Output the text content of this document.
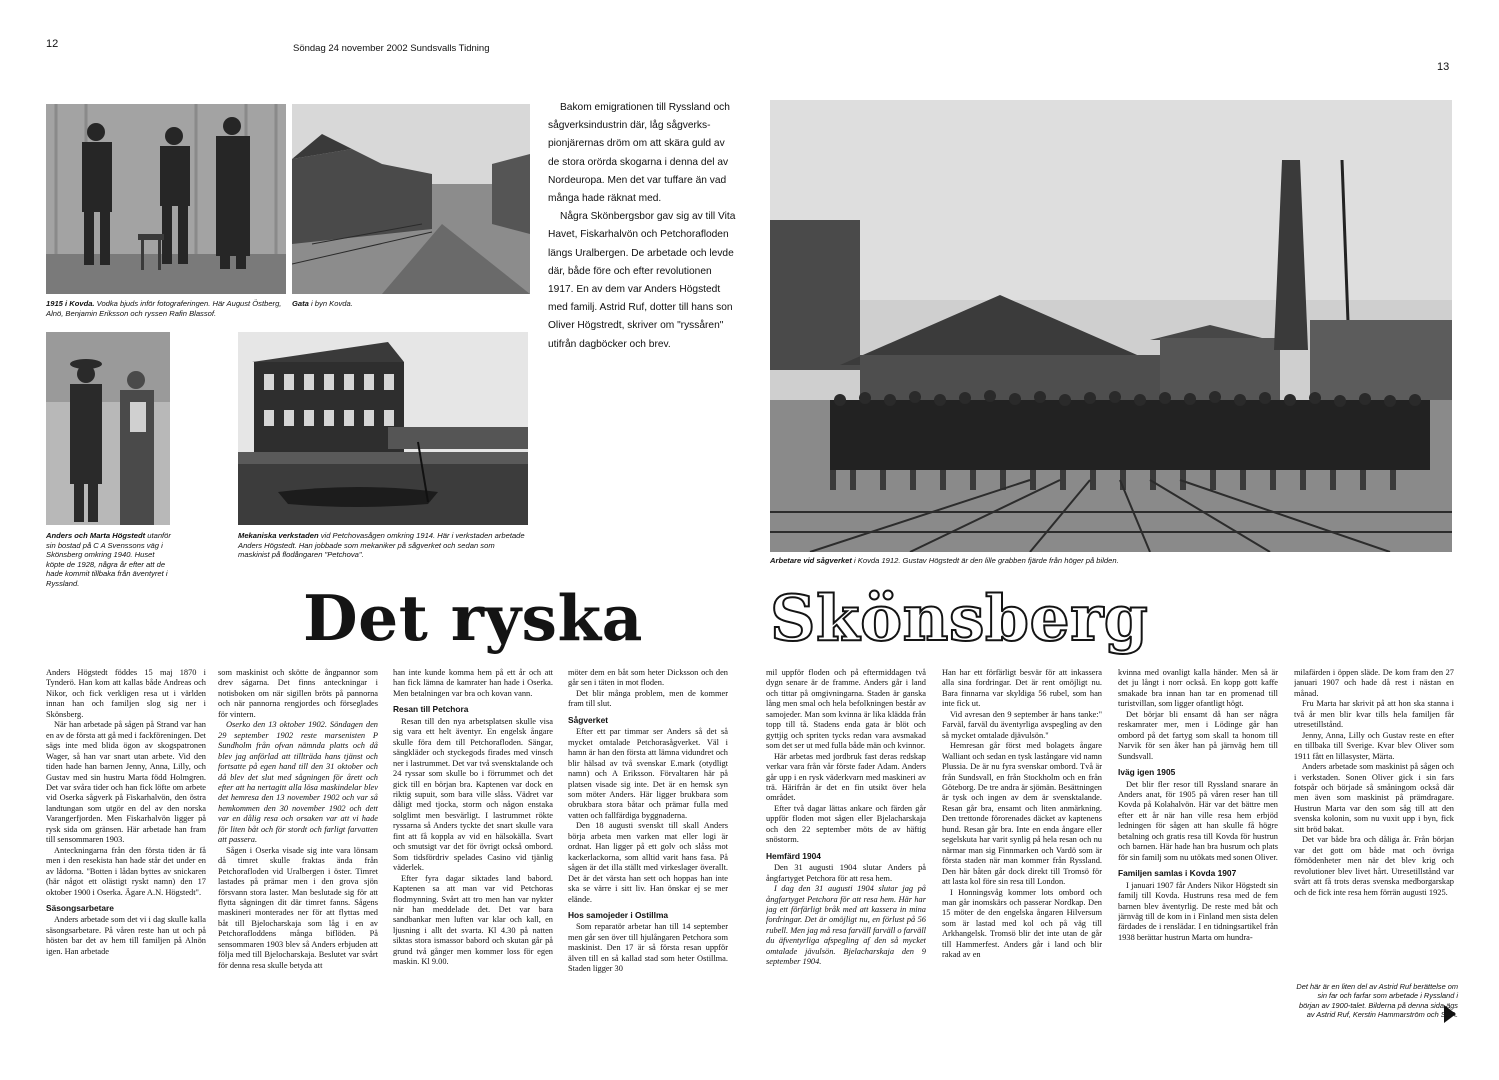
12	Söndag 24 november 2002 Sundsvalls Tidning
13
1915 i Kovda. Vodka bjuds inför fotograferingen. Här August Östberg, Alnö, Benjamin Eriksson och ryssen Rafin Blassof.
Gata i byn Kovda.
Anders och Marta Högstedt utanför sin bostad på C A Svenssons väg i Skönsberg omkring 1940. Huset köpte de 1928, några år efter att de hade kommit tillbaka från äventyret i Ryssland.
Mekaniska verkstaden vid Petchovasågen omkring 1914. Här i verkstaden arbetade Anders Högstedt. Han jobbade som mekaniker på sågverket och sedan som maskinist på flodångaren "Petchova".

Bakom emigrationen till Ryssland och

sågverksindustrin där, låg sågverks-

pionjärernas dröm om att skära guld av

de stora orörda skogarna i denna del av

Nordeuropa. Men det var tuffare än vad

många hade räknat med.

Några Skönbergsbor gav sig av till Vita

Havet, Fiskarhalvön och Petchorafloden

längs Uralbergen. De arbetade och levde

där, både före och efter revolutionen

1917. En av dem var Anders Högstedt

med familj. Astrid Ruf, dotter till hans son

Oliver Högstredt, skriver om "ryssåren"

utifrån dagböcker och brev.

Arbetare vid sågverket i Kovda 1912. Gustav Högstedt är den lille grabben fjärde från höger på bilden.
Det ryska Skönsberg

Anders Högstedt föddes 15 maj 1870 i Tynderö. Han kom att kallas både Andreas och Nikor, och fick verkligen resa ut i världen innan han och familjen slog sig ner i Skönsberg.

När han arbetade på sågen på Strand var han en av de första att gå med i fackföreningen. Det sägs inte med blida ögon av skogspatronen Wager, så han var snart utan arbete. Vid den tiden hade han barnen Jenny, Anna, Lilly, och Gustav med sin hustru Marta född Holmgren. Det var svåra tider och han fick löfte om arbete vid Oserka sågverk på Fiskarhalvön, den östra landtungan som utgör en del av den norska Varangerfjorden. Men Fiskarhalvön ligger på rysk sida om gränsen. Här arbetade han fram till sensommaren 1903.

Anteckningarna från den första tiden är få men i den resekista han hade står det under en av lådorna. "Botten i lådan byttes av snickaren (här något ett olästigt ryskt namn) den 17 oktober 1900 i Oserka. Ägare A.N. Högstedt".

Säsongsarbetare

Anders arbetade som det vi i dag skulle kalla säsongsarbetare. På våren reste han ut och på hösten bar det av hem till familjen på Alnön igen. Han arbetade

som maskinist och skötte de ångpannor som drev ságarna. Det finns anteckningar i notisboken om när sigillen bröts på pannorna och när pannorna rengjordes och förseglades för vintern.

Oserko den 13 oktober 1902. Söndagen den 29 september 1902 reste marsenisten P Sundholm från ofvan nämnda platts och då blev jag anförlad att tillträda hans tjänst och fortsatte på egen hand till den 31 oktober och då blev det slut med sågningen för årett och efter att ha nertagitt alla lösa maskindelar blev det hemresa den 13 november 1902 och var så hemkommen den 30 november 1902 och dett var en dålig resa och orsaken var att vi hade för liten båt och för stordt och farligt farvatten att passera.

Sågen i Oserka visade sig inte vara lönsam då timret skulle fraktas ända från Petchorafloden vid Uralbergen i öster. Timret lastades på prämar men i den grova sjön försvann stora laster. Man beslutade sig för att flytta sågningen dit där timret fanns. Sågens maskineri monterades ner för att flyttas med båt till Bjelocharskaja som låg i en av Petchorafloddens många biflöden. På sensommaren 1903 blev så Anders erbjuden att följa med till Bjelocharskaja. Beslutet var svårt för denna resa skulle betyda att

han inte kunde komma hem på ett år och att han fick lämna de kamrater han hade i Oserka. Men betalningen var bra och kovan vann.

Resan till Petchora

Resan till den nya arbetsplatsen skulle visa sig vara ett helt äventyr. En engelsk ångare skulle föra dem till Petchorafloden. Sängar, sängkläder och styckegods firades med vinsch ner i lastrummet. Det var två svensktalande och 24 ryssar som skulle bo i förrummet och det gick till en början bra. Kaptenen var dock en riktig supuit, som bara ville slåss. Vädret var dåligt med tjocka, storm och någon enstaka solglimt men besvärligt. I lastrummet rökte ryssarna så Anders tyckte det snart skulle vara fint att få koppla av vid en hälsokälla. Svart och smutsigt var det för övrigt också ombord. Som tidsfördriv spelades Casino vid tjänlig väderlek.

Efter fyra dagar siktades land babord. Kaptenen sa att man var vid Petchoras flodmynning. Svårt att tro men han var nykter när han meddelade det. Det var bara sandbankar men luften var klar och kall, en ljusning i allt det svarta. Kl 4.30 på natten siktas stora ismassor babord och skutan går på grund två gånger men kommer loss för egen maskin. Kl 9.00.

möter dem en båt som heter Dicksson och den går sen i täten in mot floden.

Det blir många problem, men de kommer fram till slut.

Sågverket

Efter ett par timmar ser Anders så det så mycket omtalade Petchorasågverket. Väl i hamn är han den första att lämna vidundret och blir hälsad av två svenskar E.mark (otydligt namn) och A Eriksson. Förvaltaren här på platsen visade sig inte. Det är en hemsk syn som möter Anders. Här ligger brukbara som obrukbara stora båtar och prämar fulla med vatten och fallfärdiga byggnaderna.

Den 18 augusti svenskt till skall Anders börja arbeta men varken mat eller logi är ordnat. Han ligger på ett golv och slåss mot kackerlackorna, som alltid varit hans fasa. På sågen är det illa ställt med virkeslager överallt. Det är det värsta han sett och hoppas han inte ska se värre i sitt liv. Han önskar ej se mer elände.

Hos samojeder i Ostillma

Som reparatör arbetar han till 14 september men går sen över till hjulångaren Petchora som maskinist. Den 17 är så första resan uppför älven till en så kallad stad som heter Ostillma. Staden ligger 30

mil uppför floden och på eftermiddagen två dygn senare är de framme. Anders går i land och tittar på omgivningarna. Staden är ganska lång men smal och hela befolkningen består av samojeder. Man som kvinna är lika klädda från topp till tå. Stadens enda gata är blöt och gyttjig och spriten tycks redan vara avsmakad som det ser ut med fulla både män och kvinnor.

Här arbetas med jordbruk fast deras redskap verkar vara från vår förste fader Adam. Anders går upp i en rysk väderkvarn med maskineri av trä. Härifrån är det en fin utsikt över hela området.

Efter två dagar lättas ankare och färden går uppför floden mot sågen eller Bjelacharskaja och den 22 september möts de av häftig snöstorm.

Hemfärd 1904

Den 31 augusti 1904 slutar Anders på ångfartyget Petchora för att resa hem.

I dag den 31 augusti 1904 slutar jag på ångfartyget Petchora för att resa hem. Här har jag ett förfärligt bråk med att kassera in mina fordringar. Det är omöjligt nu, en förlust på 56 rubell. Men jag må resa farväll farväll o farväll du äfventyrliga afspegling af den så mycket omtalade jävulsön. Bjelacharskaja den 9 september 1904.

Han har ett förfärligt besvär för att inkassera alla sina fordringar. Det är rent omöjligt nu. Bara finnarna var skyldiga 56 rubel, som han inte fick ut.

Vid avresan den 9 september är hans tanke:" Farväl, farväl du äventyrliga avspegling av den så mycket omtalade djävulsön."

Hemresan går först med bolagets ångare Walliant och sedan en tysk lastångare vid namn Plussia. De är nu fyra svenskar ombord. Två är från Sundsvall, en från Stockholm och en från Göteborg. De tre andra är sjömän. Besättningen är tysk och ingen av dem är svensktalande. Resan går bra, ensamt och liten anmärkning. Den trettonde förorenades däcket av kaptenens hund. Resan går bra. Inte en enda ångare eller segelskuta har varit synlig på hela resan och nu närmar man sig Finnmarken och Vardö som är första staden när man kommer från Ryssland. Den här båten går dock direkt till Tromsö för att lasta kol före sin resa till London.

I Honningsvåg kommer lots ombord och man går inomskärs och passerar Nordkap. Den 15 möter de den engelska ångaren Hilversum som är lastad med kol och på väg till Arkhangelsk. Tromsö blir det inte utan de går till Hammerfest. Anders går i land och blir rakad av en

kvinna med ovanligt kalla händer. Men så är det ju långt i norr också. En kopp gott kaffe smakade bra innan han tar en promenad till turistvillan, som ligger ofantligt högt.

Det börjar bli ensamt då han ser några reskamrater mer, men i Lödinge går han ombord på det fartyg som skall ta honom till Narvik för sen åker han på järnväg hem till Sundsvall.

Iväg igen 1905

Det blir fler resor till Ryssland snarare än Anders anat, för 1905 på våren reser han till Kovda på Kolahalvön. Här var det bättre men efter ett år när han ville resa hem erbjöd ledningen för sågen att han skulle få högre betalning och gratis resa till Kovda för hustrun och barnen. Här hade han bra husrum och plats för sin familj som nu utökats med sonen Oliver.

Familjen samlas i Kovda 1907

I januari 1907 får Anders Nikor Högstedt sin familj till Kovda. Hustruns resa med de fem barnen blev äventyrlig. De reste med båt och järnväg till de kom in i Finland men sista delen färdades de i renslädar. I en tidningsartikel från 1938 berättar hustrun Marta om hundra-

milafärden i öppen släde. De kom fram den 27 januari 1907 och hade då rest i nästan en månad.

Fru Marta har skrivit på att hon ska stanna i två år men blir kvar tills hela familjen får utresetillstånd.

Jenny, Anna, Lilly och Gustav reste en efter en tillbaka till Sverige. Kvar blev Oliver som 1911 fått en lillasyster, Märta.

Anders arbetade som maskinist på sågen och i verkstaden. Sonen Oliver gick i sin fars fotspår och började så småningom också där men även som maskinist på prämdragare. Hustrun Marta var den som såg till att den svenska kolonin, som nu vuxit upp i byn, fick sitt bröd bakat.

Det var både bra och dåliga år. Från början var det gott om både mat och övriga förnödenheter men när det blev krig och revolutioner blev livet hårt. Utresetillstånd var svårt att få trots deras svenska medborgarskap och de fick inte resa hem förrän augusti 1925.

Det här är en liten del av Astrid Ruf berättelse om sin far och farfar som arbetade i Ryssland i början av 1900-talet. Bilderna på denna sida ägs av Astrid Ruf, Kerstin Hammarström och SCA.
